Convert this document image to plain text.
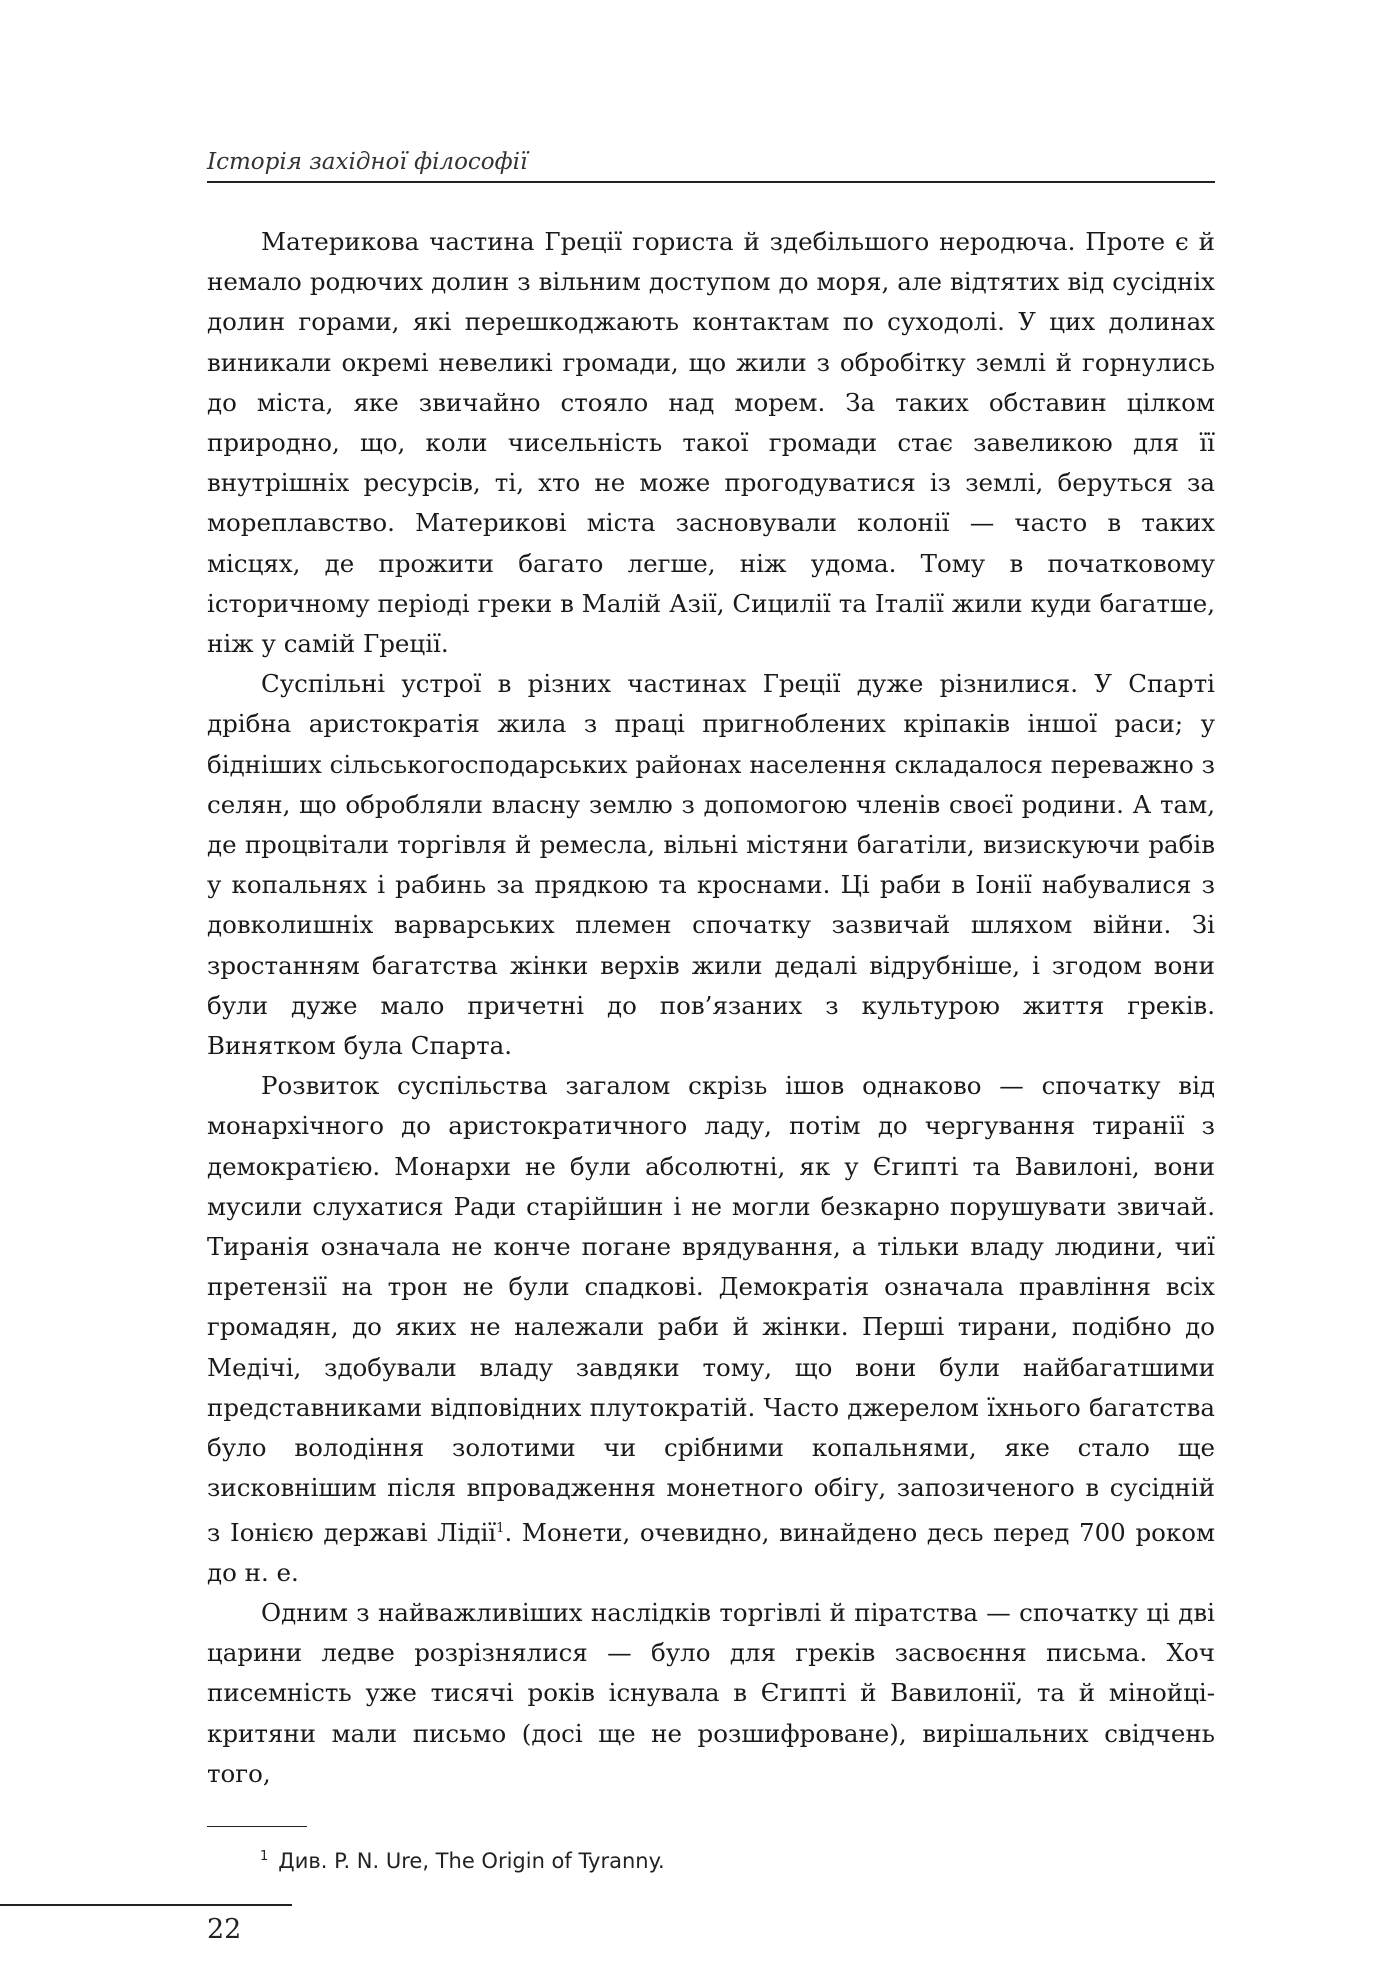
Історія західної філософії

Материкова частина Греції гориста й здебільшого неродюча. Проте є й немало родючих долин з вільним доступом до моря, але відтятих від сусідніх долин горами, які перешкоджають контактам по суходолі. У цих долинах виникали окремі невеликі громади, що жили з обробітку землі й горнулись до міста, яке звичайно стояло над морем. За таких обставин цілком природно, що, коли чисельність такої громади стає завеликою для її внутрішніх ресурсів, ті, хто не може прогодуватися із землі, беруться за мореплавство. Материкові міста засновували колонії — часто в таких місцях, де прожити багато легше, ніж удома. Тому в початковому історичному періоді греки в Малій Азії, Сицилії та Італії жили куди багатше, ніж у самій Греції.

Суспільні устрої в різних частинах Греції дуже різнилися. У Спарті дрібна аристократія жила з праці пригноблених кріпаків іншої раси; у бідніших сільськогосподарських районах населення складалося переважно з селян, що обробляли власну землю з допомогою членів своєї родини. А там, де процвітали торгівля й ремесла, вільні містяни багатіли, визискуючи рабів у копальнях і рабинь за прядкою та кроснами. Ці раби в Іонії набувалися з довколишніх варварських племен спочатку зазвичай шляхом війни. Зі зростанням багатства жінки верхів жили дедалі відрубніше, і згодом вони були дуже мало причетні до пов’язаних з культурою життя греків. Винятком була Спарта.

Розвиток суспільства загалом скрізь ішов однаково — спочатку від монархічного до аристократичного ладу, потім до чергування тиранії з демократією. Монархи не були абсолютні, як у Єгипті та Вавилоні, вони мусили слухатися Ради старійшин і не могли безкарно порушувати звичай. Тиранія означала не конче погане врядування, а тільки владу людини, чиї претензії на трон не були спадкові. Демократія означала правління всіх громадян, до яких не належали раби й жінки. Перші тирани, подібно до Медічі, здобували владу завдяки тому, що вони були найбагатшими представниками відповідних плутократій. Часто джерелом їхнього багатства було володіння золотими чи срібними копальнями, яке стало ще зисковнішим після впровадження монетного обігу, запозиченого в сусідній з Іонією державі Лідії$^1$. Монети, очевидно, винайдено десь перед 700 роком до н. е.

Одним з найважливіших наслідків торгівлі й піратства — спочатку ці дві царини ледве розрізнялися — було для греків засвоєння письма. Хоч писемність уже тисячі років існувала в Єгипті й Вавилонії, та й мінойці-критяни мали письмо (досі ще не розшифроване), вирішальних свідчень того,

$^1$ Див. P. N. Ure, The Origin of Tyranny.
22
